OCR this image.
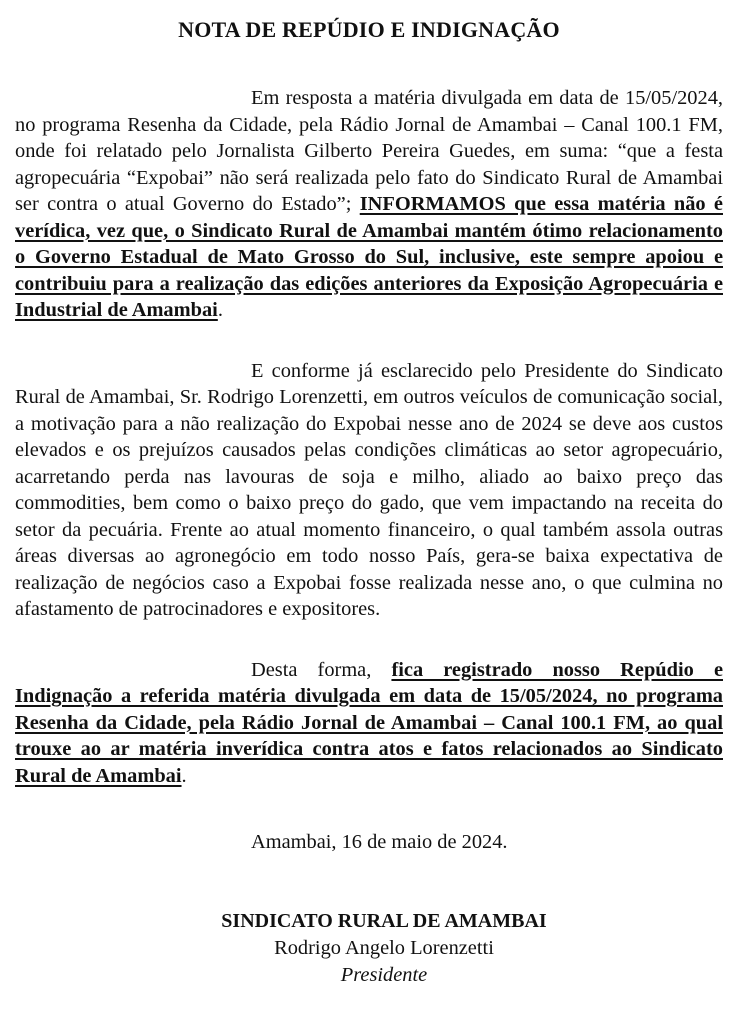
NOTA DE REPÚDIO E INDIGNAÇÃO

Em resposta a matéria divulgada em data de 15/05/2024, no programa Resenha da Cidade, pela Rádio Jornal de Amambai – Canal 100.1 FM, onde foi relatado pelo Jornalista Gilberto Pereira Guedes, em suma: “que a festa agropecuária “Expobai” não será realizada pelo fato do Sindicato Rural de Amambai ser contra o atual Governo do Estado”; INFORMAMOS que essa matéria não é verídica, vez que, o Sindicato Rural de Amambai mantém ótimo relacionamento o Governo Estadual de Mato Grosso do Sul, inclusive, este sempre apoiou e contribuiu para a realização das edições anteriores da Exposição Agropecuária e Industrial de Amambai.

E conforme já esclarecido pelo Presidente do Sindicato Rural de Amambai, Sr. Rodrigo Lorenzetti, em outros veículos de comunicação social, a motivação para a não realização do Expobai nesse ano de 2024 se deve aos custos elevados e os prejuízos causados pelas condições climáticas ao setor agropecuário, acarretando perda nas lavouras de soja e milho, aliado ao baixo preço das commodities, bem como o baixo preço do gado, que vem impactando na receita do setor da pecuária. Frente ao atual momento financeiro, o qual também assola outras áreas diversas ao agronegócio em todo nosso País, gera-se baixa expectativa de realização de negócios caso a Expobai fosse realizada nesse ano, o que culmina no afastamento de patrocinadores e expositores.

Desta forma, fica registrado nosso Repúdio e Indignação a referida matéria divulgada em data de 15/05/2024, no programa Resenha da Cidade, pela Rádio Jornal de Amambai – Canal 100.1 FM, ao qual trouxe ao ar matéria inverídica contra atos e fatos relacionados ao Sindicato Rural de Amambai.

Amambai, 16 de maio de 2024.

SINDICATO RURAL DE AMAMBAI
Rodrigo Angelo Lorenzetti
Presidente
